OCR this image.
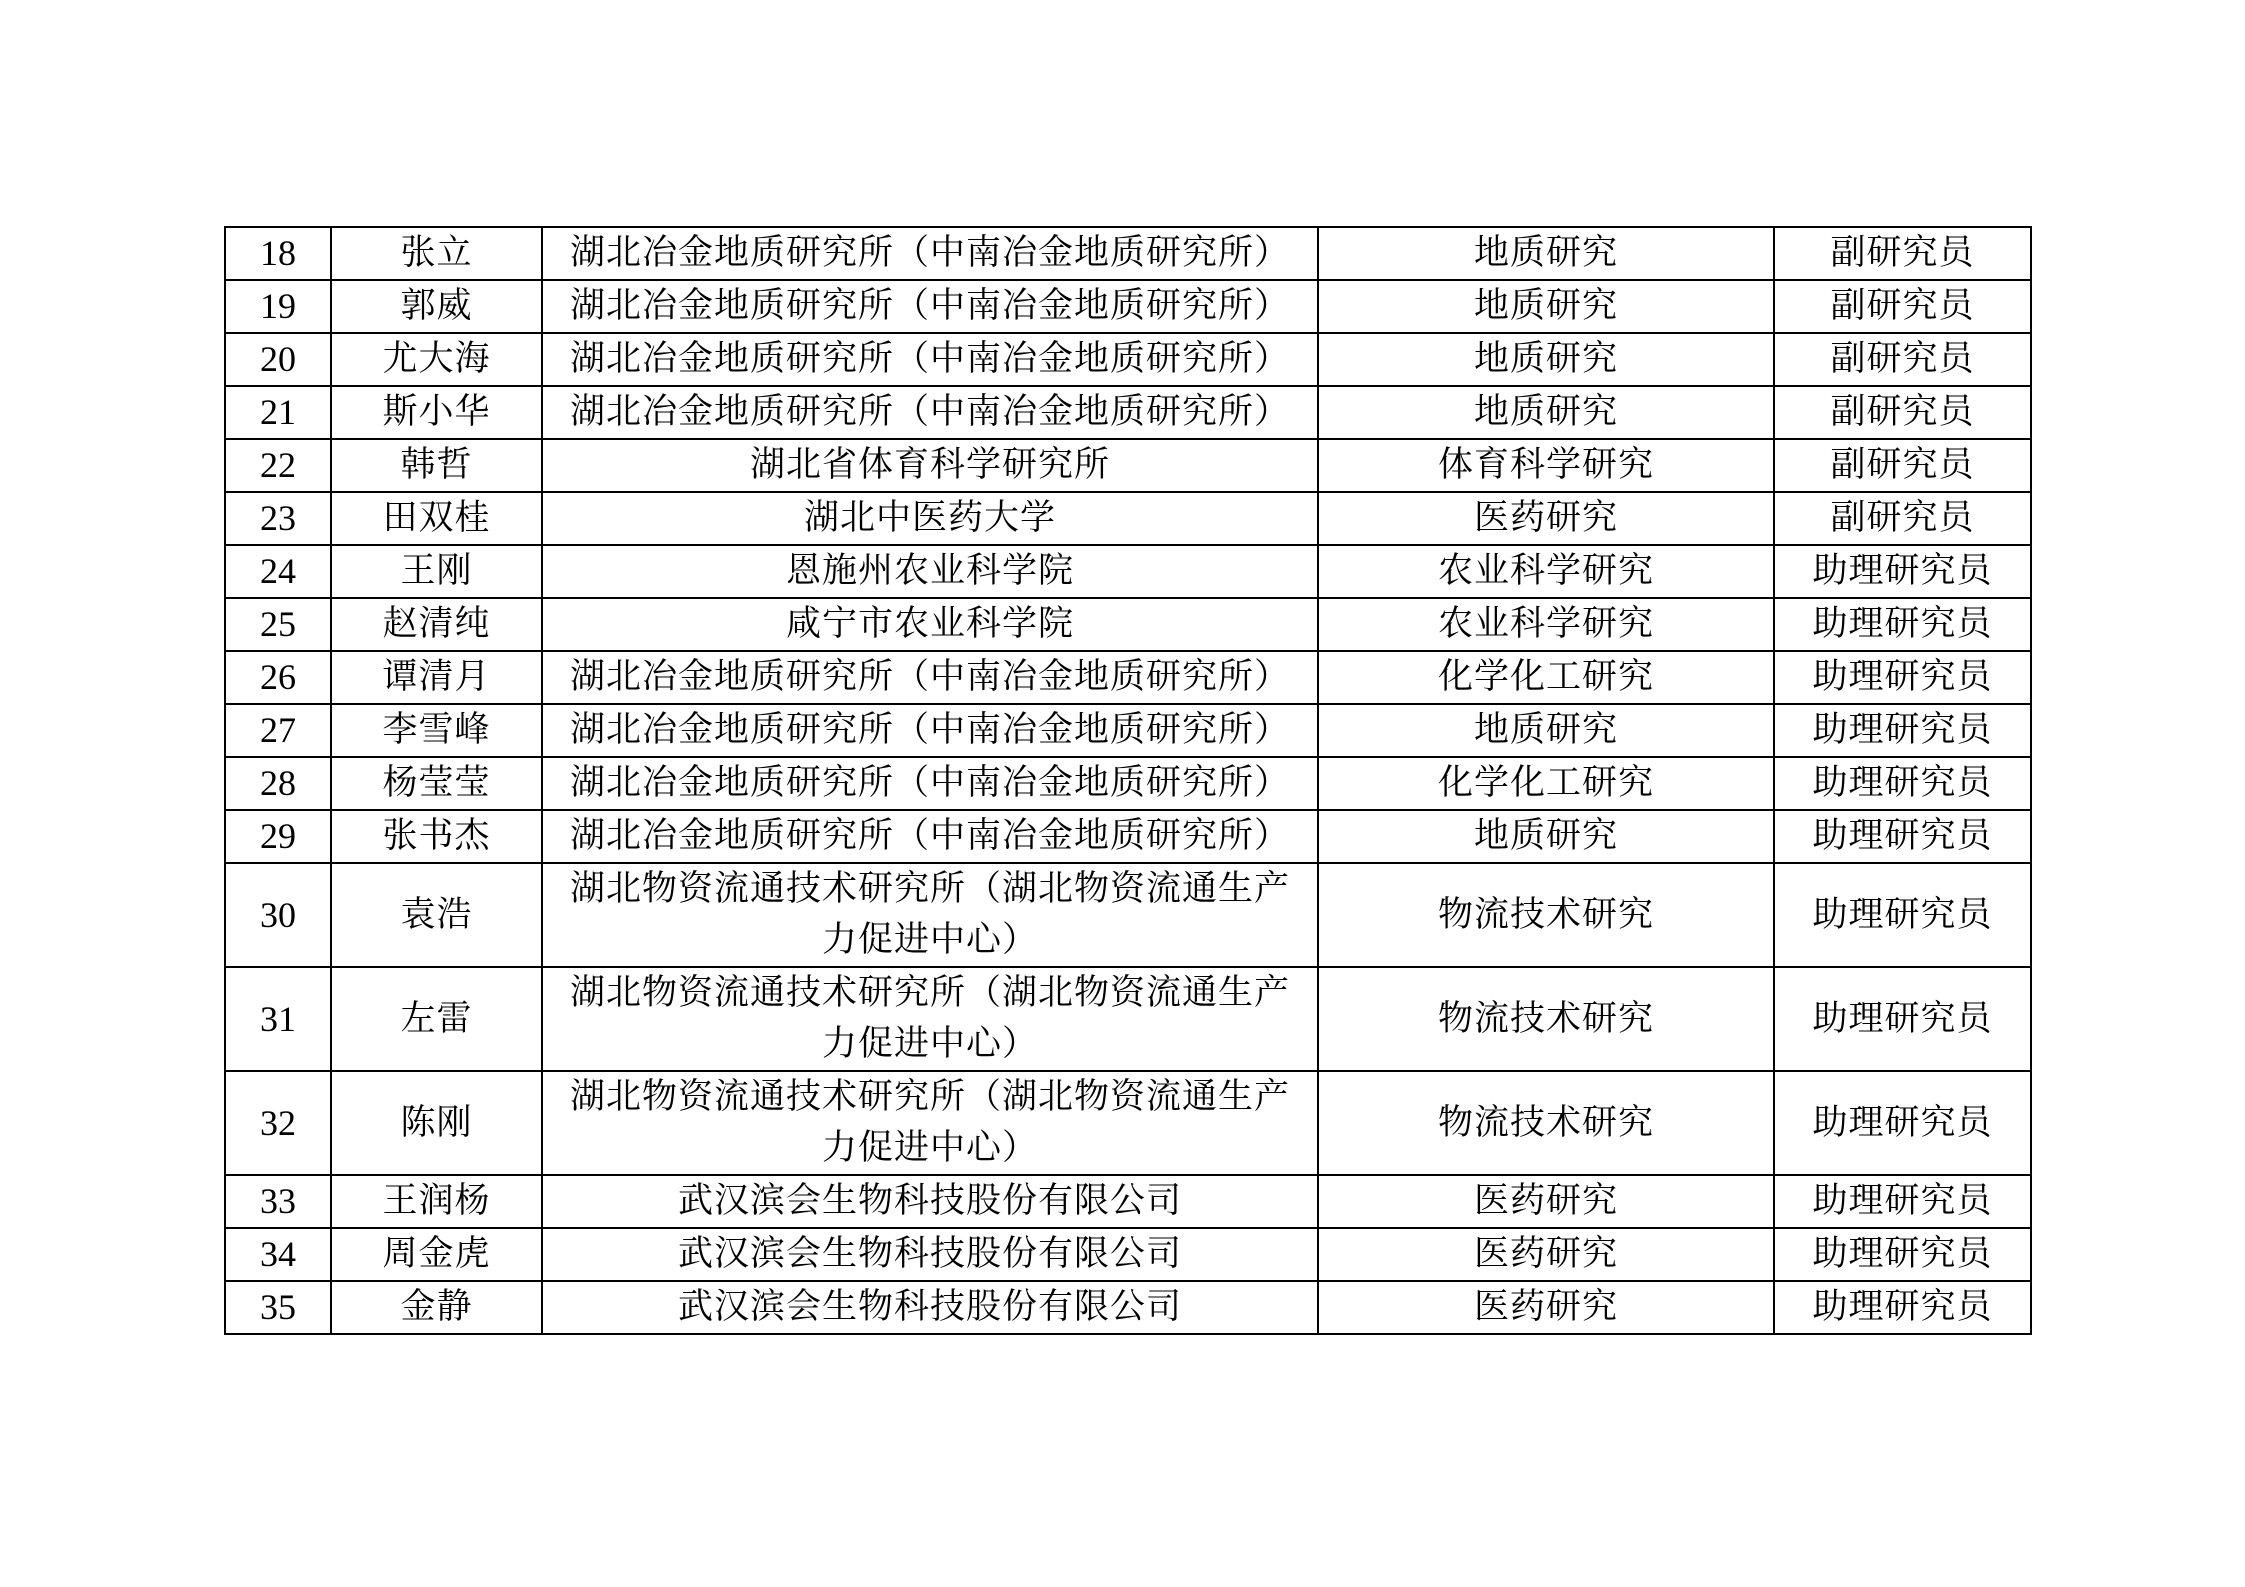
18	张立	湖北冶金地质研究所（中南冶金地质研究所）	地质研究	副研究员
19	郭威	湖北冶金地质研究所（中南冶金地质研究所）	地质研究	副研究员
20	尤大海	湖北冶金地质研究所（中南冶金地质研究所）	地质研究	副研究员
21	斯小华	湖北冶金地质研究所（中南冶金地质研究所）	地质研究	副研究员
22	韩哲	湖北省体育科学研究所	体育科学研究	副研究员
23	田双桂	湖北中医药大学	医药研究	副研究员
24	王刚	恩施州农业科学院	农业科学研究	助理研究员
25	赵清纯	咸宁市农业科学院	农业科学研究	助理研究员
26	谭清月	湖北冶金地质研究所（中南冶金地质研究所）	化学化工研究	助理研究员
27	李雪峰	湖北冶金地质研究所（中南冶金地质研究所）	地质研究	助理研究员
28	杨莹莹	湖北冶金地质研究所（中南冶金地质研究所）	化学化工研究	助理研究员
29	张书杰	湖北冶金地质研究所（中南冶金地质研究所）	地质研究	助理研究员
30	袁浩	湖北物资流通技术研究所（湖北物资流通生产力促进中心）	物流技术研究	助理研究员
31	左雷	湖北物资流通技术研究所（湖北物资流通生产力促进中心）	物流技术研究	助理研究员
32	陈刚	湖北物资流通技术研究所（湖北物资流通生产力促进中心）	物流技术研究	助理研究员
33	王润杨	武汉滨会生物科技股份有限公司	医药研究	助理研究员
34	周金虎	武汉滨会生物科技股份有限公司	医药研究	助理研究员
35	金静	武汉滨会生物科技股份有限公司	医药研究	助理研究员
